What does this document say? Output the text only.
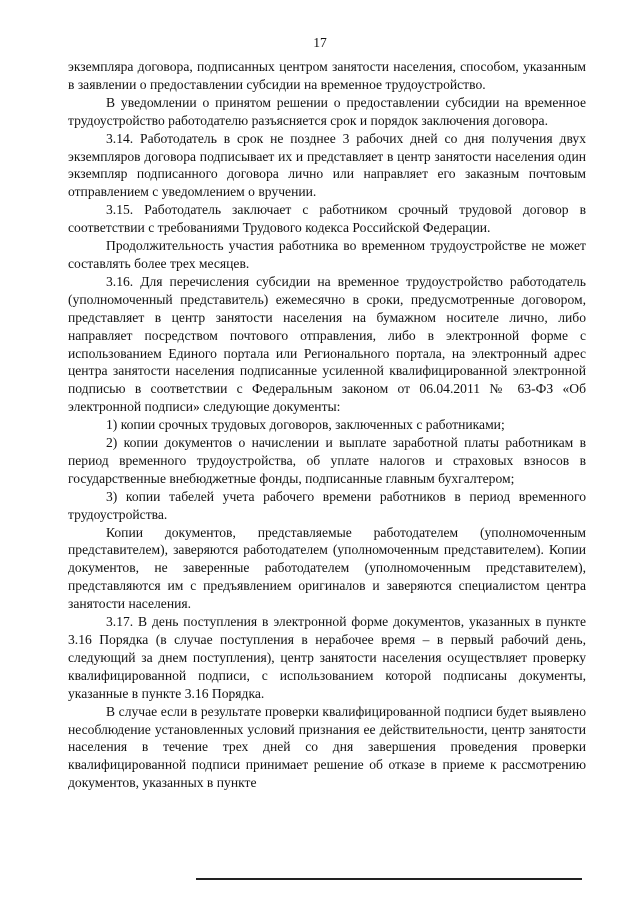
17

экземпляра договора, подписанных центром занятости населения, способом, указанным в заявлении о предоставлении субсидии на временное трудоустройство.

В уведомлении о принятом решении о предоставлении субсидии на временное трудоустройство работодателю разъясняется срок и порядок заключения договора.

3.14. Работодатель в срок не позднее 3 рабочих дней со дня получения двух экземпляров договора подписывает их и представляет в центр занятости населения один экземпляр подписанного договора лично или направляет его заказным почтовым отправлением с уведомлением о вручении.

3.15. Работодатель заключает с работником срочный трудовой договор в соответствии с требованиями Трудового кодекса Российской Федерации.

Продолжительность участия работника во временном трудоустройстве не может составлять более трех месяцев.

3.16. Для перечисления субсидии на временное трудоустройство работодатель (уполномоченный представитель) ежемесячно в сроки, предусмотренные договором, представляет в центр занятости населения на бумажном носителе лично, либо направляет посредством почтового отправления, либо в электронной форме с использованием Единого портала или Регионального портала, на электронный адрес центра занятости населения подписанные усиленной квалифицированной электронной подписью в соответствии с Федеральным законом от 06.04.2011 № 63-ФЗ «Об электронной подписи» следующие документы:

1) копии срочных трудовых договоров, заключенных с работниками;

2) копии документов о начислении и выплате заработной платы работникам в период временного трудоустройства, об уплате налогов и страховых взносов в государственные внебюджетные фонды, подписанные главным бухгалтером;

3) копии табелей учета рабочего времени работников в период временного трудоустройства.

Копии документов, представляемые работодателем (уполномоченным представителем), заверяются работодателем (уполномоченным представителем). Копии документов, не заверенные работодателем (уполномоченным представителем), представляются им с предъявлением оригиналов и заверяются специалистом центра занятости населения.

3.17. В день поступления в электронной форме документов, указанных в пункте 3.16 Порядка (в случае поступления в нерабочее время – в первый рабочий день, следующий за днем поступления), центр занятости населения осуществляет проверку квалифицированной подписи, с использованием которой подписаны документы, указанные в пункте 3.16 Порядка.

В случае если в результате проверки квалифицированной подписи будет выявлено несоблюдение установленных условий признания ее действительности, центр занятости населения в течение трех дней со дня завершения проведения проверки квалифицированной подписи принимает решение об отказе в приеме к рассмотрению документов, указанных в пункте
